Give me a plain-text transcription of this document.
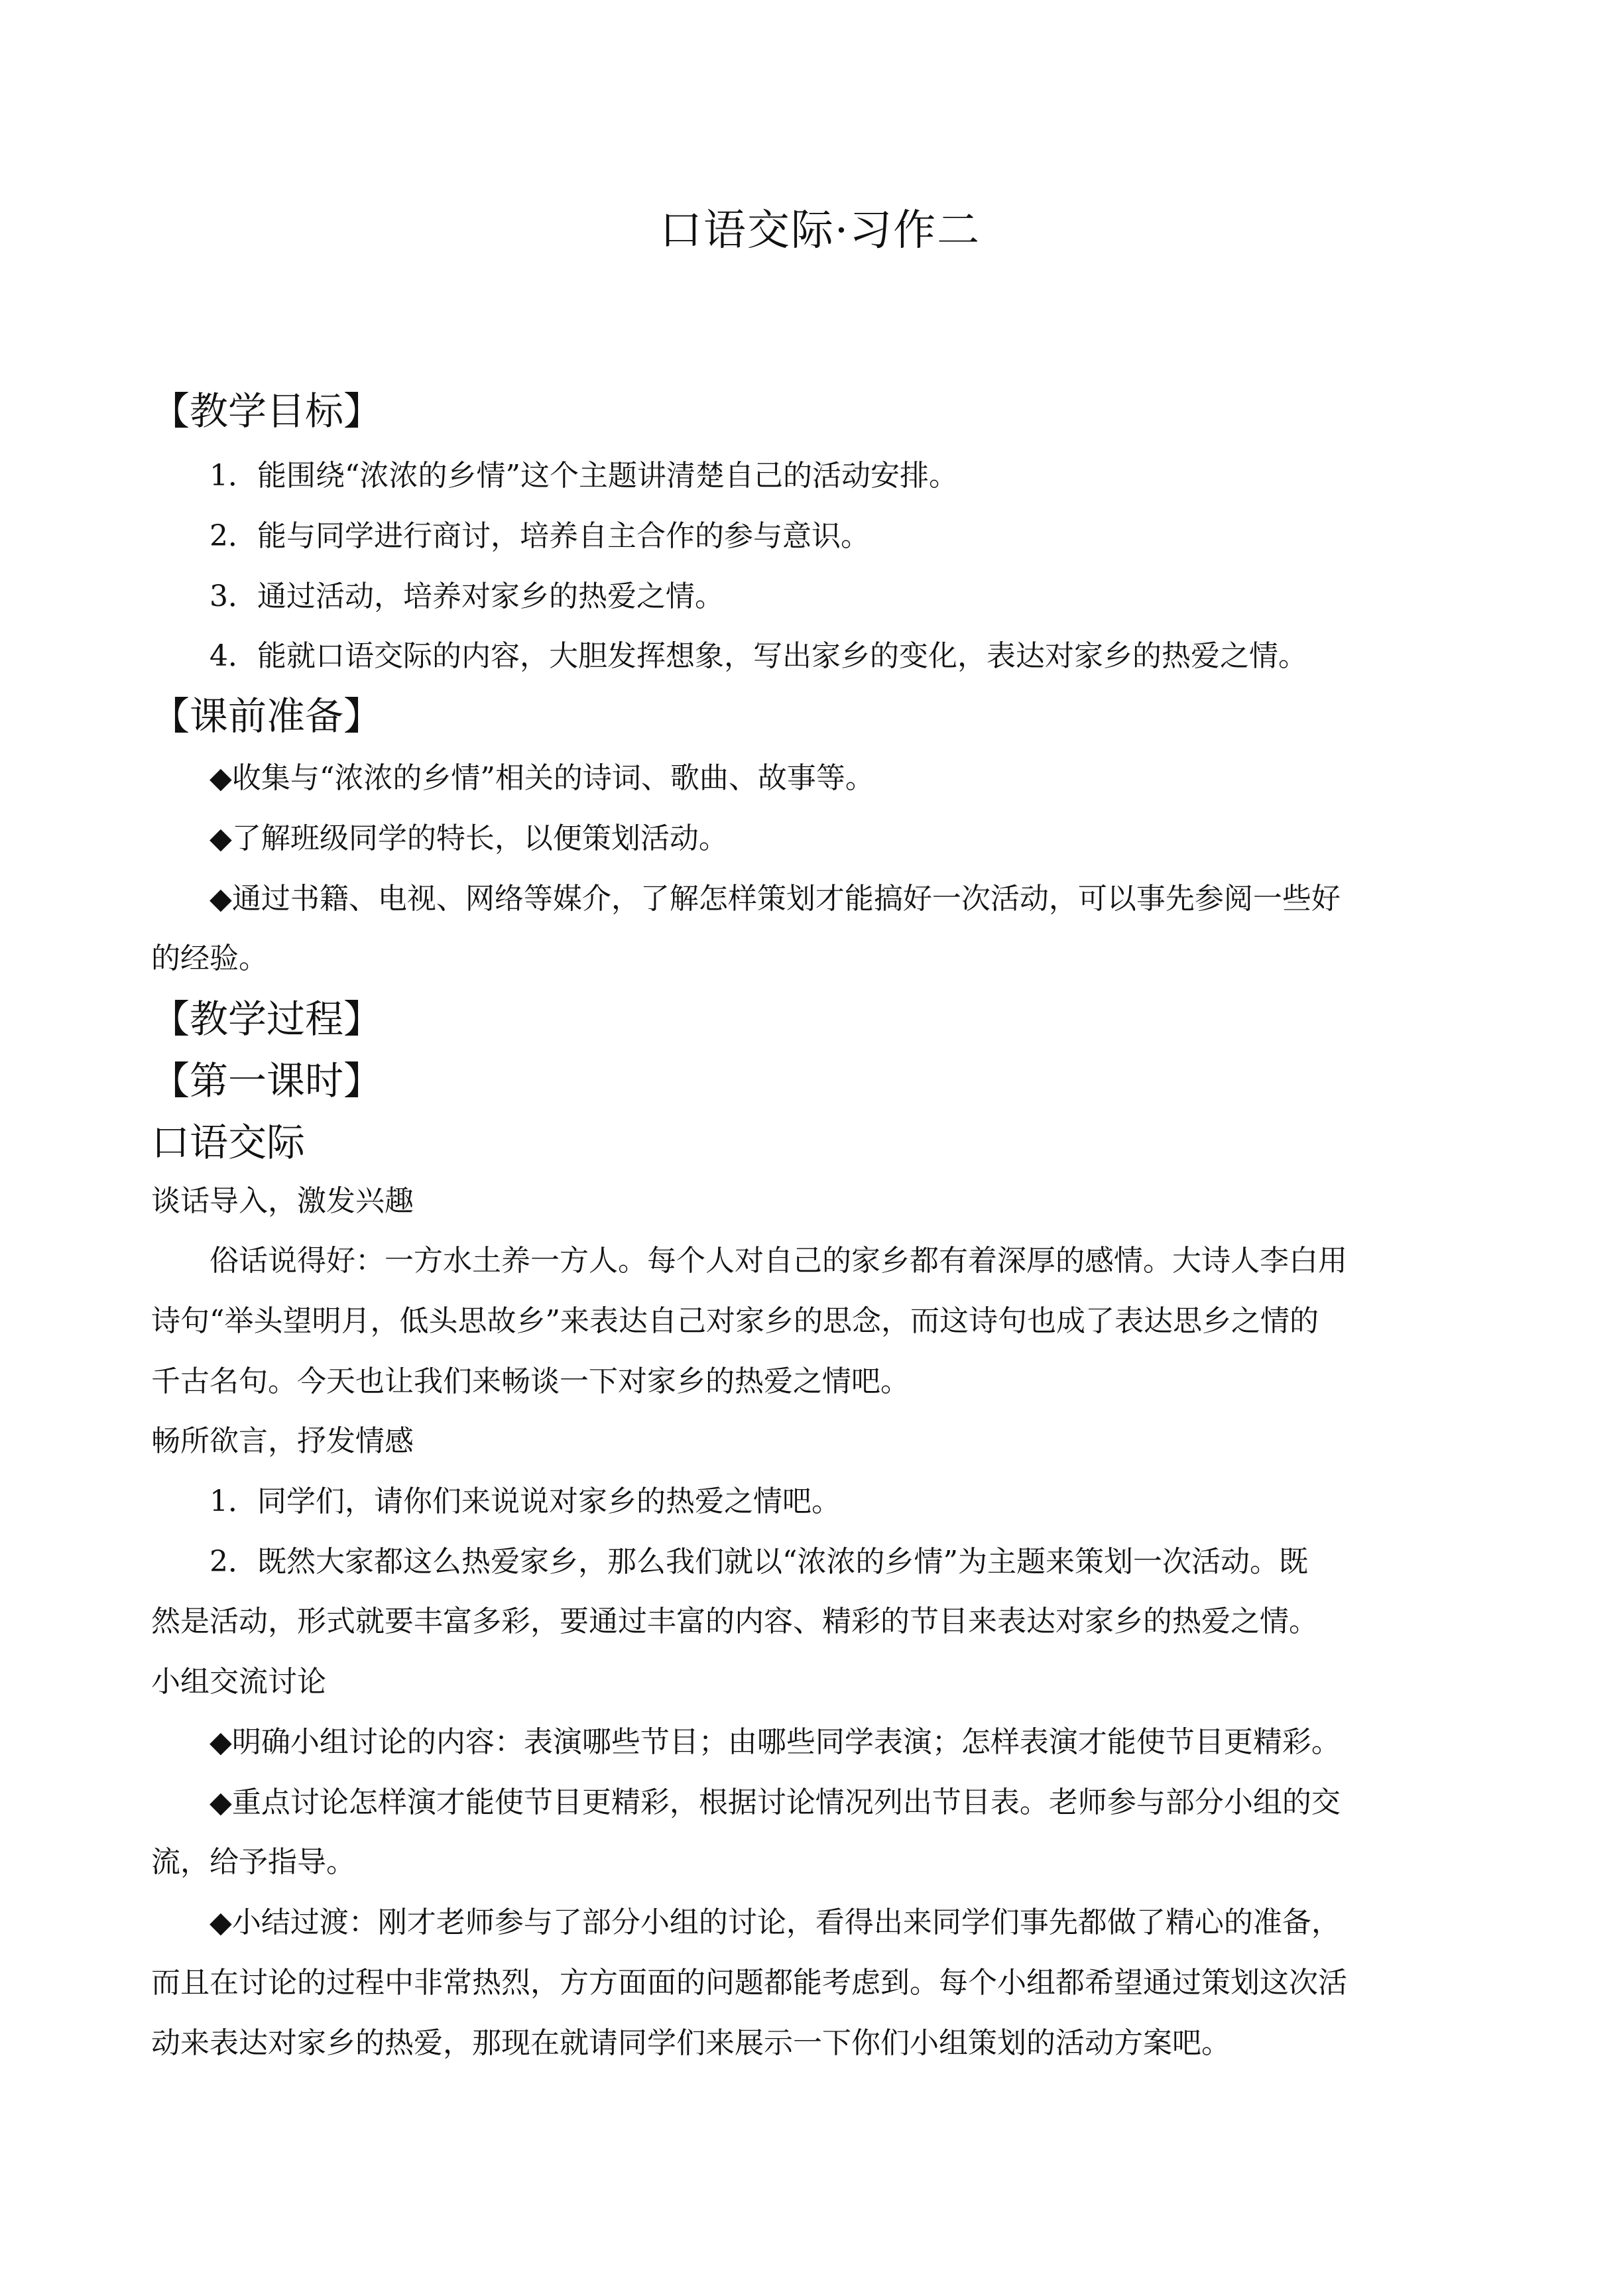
口语交际·习作二
【教学目标】
1．能围绕“浓浓的乡情”这个主题讲清楚自己的活动安排。
2．能与同学进行商讨，培养自主合作的参与意识。
3．通过活动，培养对家乡的热爱之情。
4．能就口语交际的内容，大胆发挥想象，写出家乡的变化，表达对家乡的热爱之情。
【课前准备】
◆收集与“浓浓的乡情”相关的诗词、歌曲、故事等。
◆了解班级同学的特长，以便策划活动。
◆通过书籍、电视、网络等媒介，了解怎样策划才能搞好一次活动，可以事先参阅一些好
的经验。
【教学过程】
【第一课时】
口语交际
谈话导入，激发兴趣
俗话说得好：一方水土养一方人。每个人对自己的家乡都有着深厚的感情。大诗人李白用
诗句“举头望明月，低头思故乡”来表达自己对家乡的思念，而这诗句也成了表达思乡之情的
千古名句。今天也让我们来畅谈一下对家乡的热爱之情吧。
畅所欲言，抒发情感
1．同学们，请你们来说说对家乡的热爱之情吧。
2．既然大家都这么热爱家乡，那么我们就以“浓浓的乡情”为主题来策划一次活动。既
然是活动，形式就要丰富多彩，要通过丰富的内容、精彩的节目来表达对家乡的热爱之情。
小组交流讨论
◆明确小组讨论的内容：表演哪些节目；由哪些同学表演；怎样表演才能使节目更精彩。
◆重点讨论怎样演才能使节目更精彩，根据讨论情况列出节目表。老师参与部分小组的交
流，给予指导。
◆小结过渡：刚才老师参与了部分小组的讨论，看得出来同学们事先都做了精心的准备，
而且在讨论的过程中非常热烈，方方面面的问题都能考虑到。每个小组都希望通过策划这次活
动来表达对家乡的热爱，那现在就请同学们来展示一下你们小组策划的活动方案吧。
